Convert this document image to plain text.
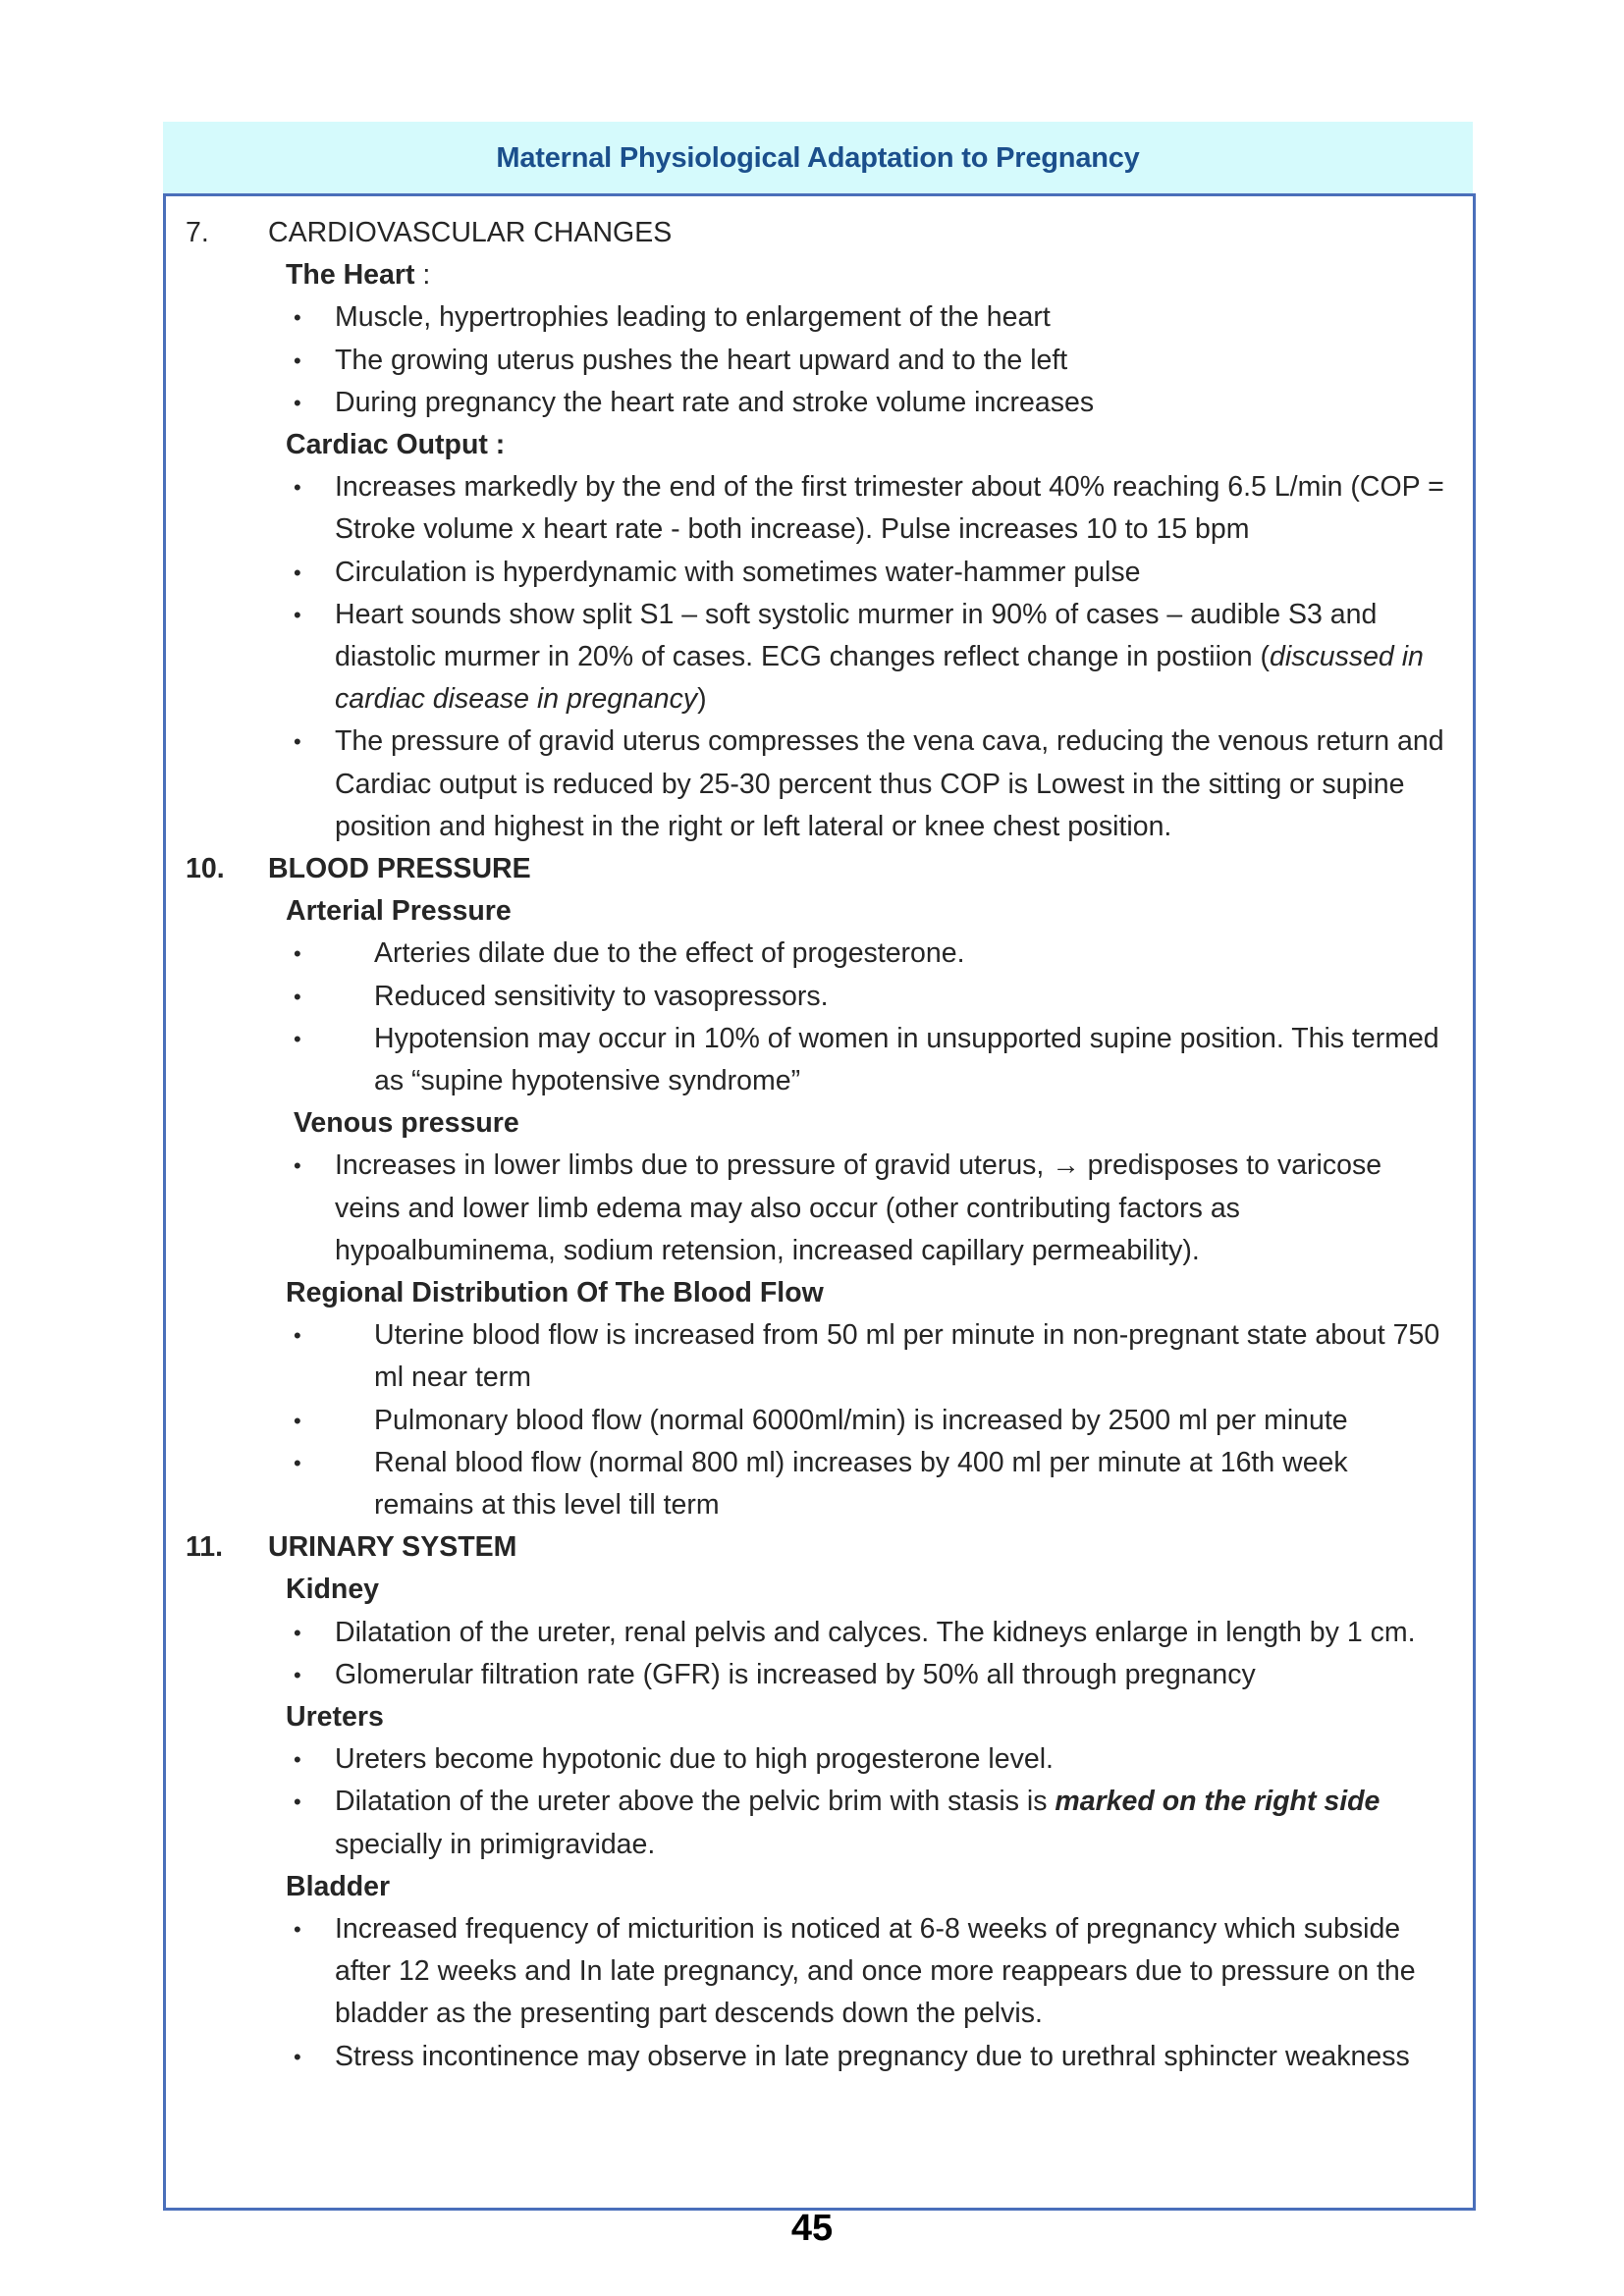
Maternal Physiological Adaptation to Pregnancy
7. CARDIOVASCULAR CHANGES
The Heart :
• Muscle, hypertrophies leading to enlargement of the heart
• The growing uterus pushes the heart upward and to the left
• During pregnancy the heart rate and stroke volume increases
Cardiac Output :
• Increases markedly by the end of the first trimester about 40% reaching 6.5 L/min (COP = Stroke volume x heart rate - both increase). Pulse increases 10 to 15 bpm
• Circulation is hyperdynamic with sometimes water-hammer pulse
• Heart sounds show split S1 – soft systolic murmer in 90% of cases – audible S3 and diastolic murmer in 20% of cases. ECG changes reflect change in postiion (discussed in cardiac disease in pregnancy)
• The pressure of gravid uterus compresses the vena cava, reducing the venous return and Cardiac output is reduced by 25-30 percent thus COP is Lowest in the sitting or supine position and highest in the right or left lateral or knee chest position.
10. BLOOD PRESSURE
Arterial Pressure
•	Arteries dilate due to the effect of progesterone.
•	Reduced sensitivity to vasopressors.
•	Hypotension may occur in 10% of women in unsupported supine position. This termed as “supine hypotensive syndrome”
Venous pressure
• Increases in lower limbs due to pressure of gravid uterus, → predisposes to varicose veins and lower limb edema may also occur (other contributing factors as hypoalbuminema, sodium retension, increased capillary permeability).
Regional Distribution Of The Blood Flow
•	Uterine blood flow is increased from 50 ml per minute in non-pregnant state about 750 ml near term
•	Pulmonary blood flow (normal 6000ml/min) is increased by 2500 ml per minute
•	Renal blood flow (normal 800 ml) increases by 400 ml per minute at 16th week remains at this level till term
11. URINARY SYSTEM
Kidney
• Dilatation of the ureter, renal pelvis and calyces. The kidneys enlarge in length by 1 cm.
• Glomerular filtration rate (GFR) is increased by 50% all through pregnancy
Ureters
• Ureters become hypotonic due to high progesterone level.
• Dilatation of the ureter above the pelvic brim with stasis is marked on the right side specially in primigravidae.
Bladder
• Increased frequency of micturition is noticed at 6-8 weeks of pregnancy which subside after 12 weeks and In late pregnancy, and once more reappears due to pressure on the bladder as the presenting part descends down the pelvis.
• Stress incontinence may observe in late pregnancy due to urethral sphincter weakness
45
